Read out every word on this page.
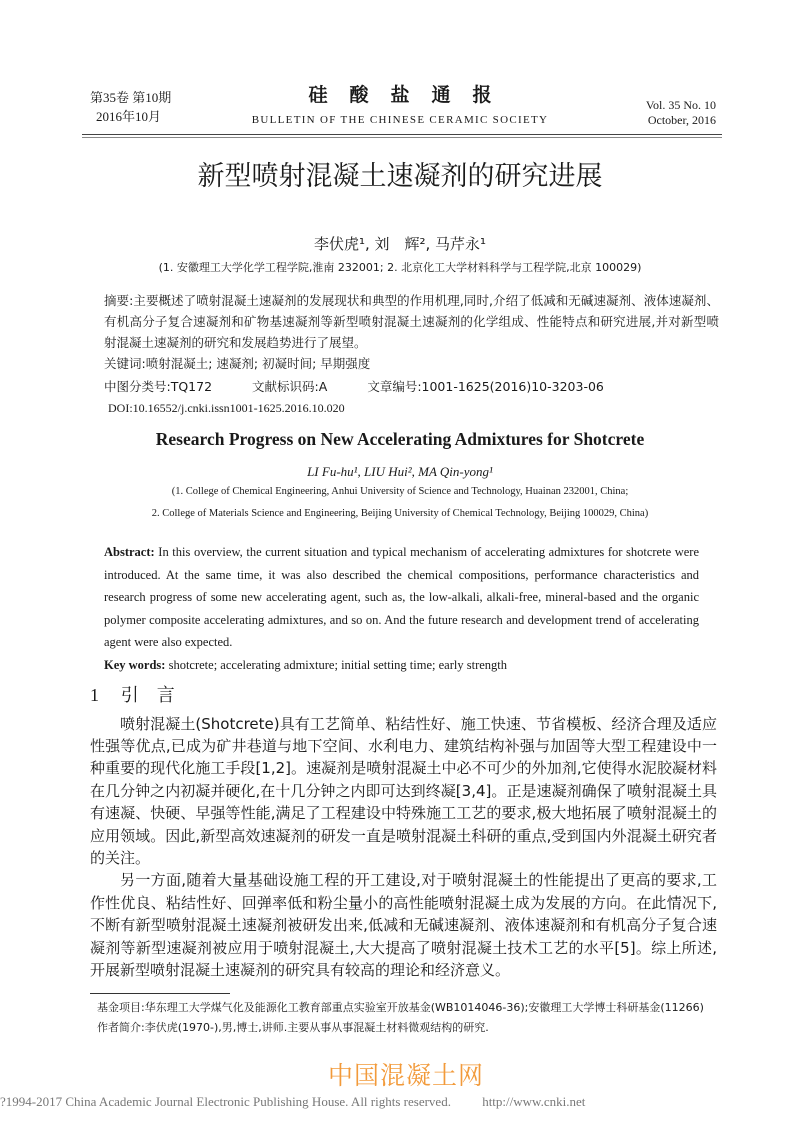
第35卷 第10期
2016年10月
硅酸盐通报
BULLETIN OF THE CHINESE CERAMIC SOCIETY
Vol. 35 No. 10
October, 2016
新型喷射混凝土速凝剂的研究进展
李伏虎¹, 刘　辉², 马芹永¹
(1. 安徽理工大学化学工程学院,淮南 232001; 2. 北京化工大学材料科学与工程学院,北京 100029)
摘要:主要概述了喷射混凝土速凝剂的发展现状和典型的作用机理,同时,介绍了低减和无碱速凝剂、液体速凝剂、有机高分子复合速凝剂和矿物基速凝剂等新型喷射混凝土速凝剂的化学组成、性能特点和研究进展,并对新型喷射混凝土速凝剂的研究和发展趋势进行了展望。
关键词:喷射混凝土; 速凝剂; 初凝时间; 早期强度
中图分类号:TQ172	文献标识码:A	文章编号:1001-1625(2016)10-3203-06
DOI:10.16552/j.cnki.issn1001-1625.2016.10.020
Research Progress on New Accelerating Admixtures for Shotcrete
LI Fu-hu¹, LIU Hui², MA Qin-yong¹
(1. College of Chemical Engineering, Anhui University of Science and Technology, Huainan 232001, China;
2. College of Materials Science and Engineering, Beijing University of Chemical Technology, Beijing 100029, China)
Abstract: In this overview, the current situation and typical mechanism of accelerating admixtures for shotcrete were introduced. At the same time, it was also described the chemical compositions, performance characteristics and research progress of some new accelerating agent, such as, the low-alkali, alkali-free, mineral-based and the organic polymer composite accelerating admixtures, and so on. And the future research and development trend of accelerating agent were also expected.
Key words: shotcrete; accelerating admixture; initial setting time; early strength
1 引　言
喷射混凝土(Shotcrete)具有工艺简单、粘结性好、施工快速、节省模板、经济合理及适应性强等优点,已成为矿井巷道与地下空间、水利电力、建筑结构补强与加固等大型工程建设中一种重要的现代化施工手段[1,2]。速凝剂是喷射混凝土中必不可少的外加剂,它使得水泥胶凝材料在几分钟之内初凝并硬化,在十几分钟之内即可达到终凝[3,4]。正是速凝剂确保了喷射混凝土具有速凝、快硬、早强等性能,满足了工程建设中特殊施工工艺的要求,极大地拓展了喷射混凝土的应用领域。因此,新型高效速凝剂的研发一直是喷射混凝土科研的重点,受到国内外混凝土研究者的关注。
另一方面,随着大量基础设施工程的开工建设,对于喷射混凝土的性能提出了更高的要求,工作性优良、粘结性好、回弹率低和粉尘量小的高性能喷射混凝土成为发展的方向。在此情况下,不断有新型喷射混凝土速凝剂被研发出来,低减和无碱速凝剂、液体速凝剂和有机高分子复合速凝剂等新型速凝剂被应用于喷射混凝土,大大提高了喷射混凝土技术工艺的水平[5]。综上所述,开展新型喷射混凝土速凝剂的研究具有较高的理论和经济意义。
基金项目:华东理工大学煤气化及能源化工教育部重点实验室开放基金(WB1014046-36);安徽理工大学博士科研基金(11266)
作者简介:李伏虎(1970-),男,博士,讲师.主要从事从事混凝土材料微观结构的研究.
中国混凝土网
?1994-2017 China Academic Journal Electronic Publishing House. All rights reserved. http://www.cnki.net
